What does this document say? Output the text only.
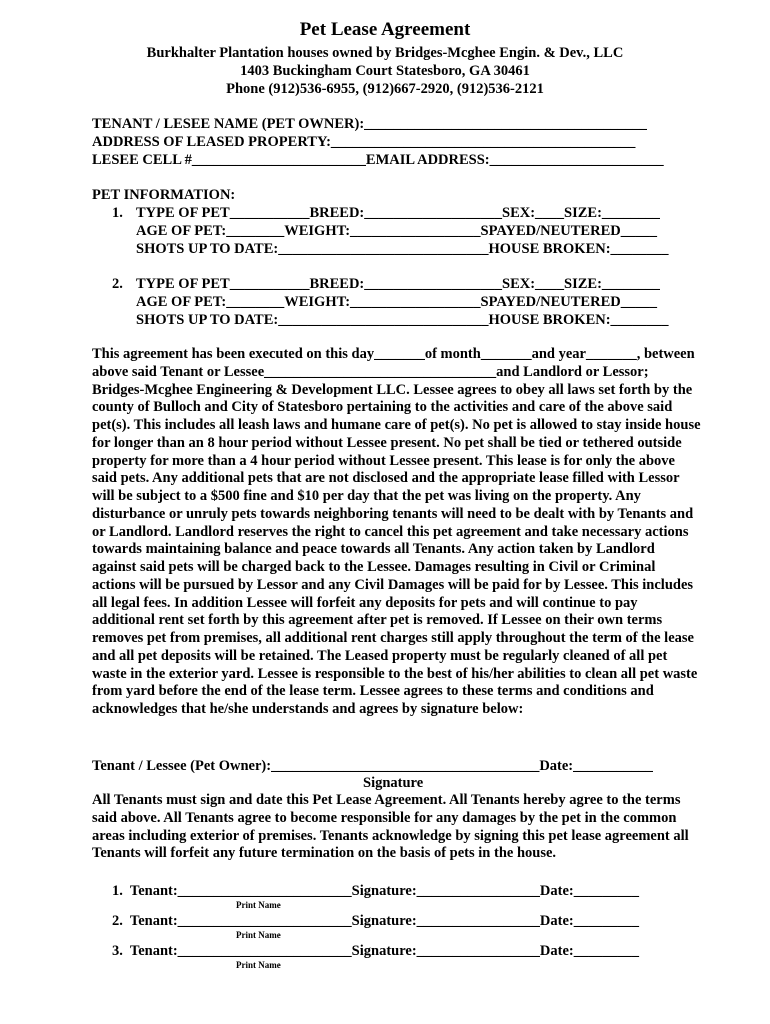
Pet Lease Agreement
Burkhalter Plantation houses owned by Bridges-Mcghee Engin. & Dev., LLC
1403 Buckingham Court Statesboro, GA 30461
Phone (912)536-6955, (912)667-2920, (912)536-2121
TENANT / LESEE NAME (PET OWNER):_______________________________________
ADDRESS OF LEASED PROPERTY:__________________________________________
LESEE CELL #________________________EMAIL ADDRESS:________________________
PET INFORMATION:
1. TYPE OF PET___________BREED:___________________SEX:____SIZE:________
AGE OF PET:________WEIGHT:__________________SPAYED/NEUTERED_____
SHOTS UP TO DATE:_____________________________HOUSE BROKEN:________
2. TYPE OF PET___________BREED:___________________SEX:____SIZE:________
AGE OF PET:________WEIGHT:__________________SPAYED/NEUTERED_____
SHOTS UP TO DATE:_____________________________HOUSE BROKEN:________
This agreement has been executed on this day_______of month_______and year_______, between above said Tenant or Lessee________________________________and Landlord or Lessor; Bridges-Mcghee Engineering & Development LLC. Lessee agrees to obey all laws set forth by the county of Bulloch and City of Statesboro pertaining to the activities and care of the above said pet(s). This includes all leash laws and humane care of pet(s). No pet is allowed to stay inside house for longer than an 8 hour period without Lessee present. No pet shall be tied or tethered outside property for more than a 4 hour period without Lessee present. This lease is for only the above said pets. Any additional pets that are not disclosed and the appropriate lease filled with Lessor will be subject to a $500 fine and $10 per day that the pet was living on the property. Any disturbance or unruly pets towards neighboring tenants will need to be dealt with by Tenants and or Landlord. Landlord reserves the right to cancel this pet agreement and take necessary actions towards maintaining balance and peace towards all Tenants. Any action taken by Landlord against said pets will be charged back to the Lessee. Damages resulting in Civil or Criminal actions will be pursued by Lessor and any Civil Damages will be paid for by Lessee. This includes all legal fees. In addition Lessee will forfeit any deposits for pets and will continue to pay additional rent set forth by this agreement after pet is removed. If Lessee on their own terms removes pet from premises, all additional rent charges still apply throughout the term of the lease and all pet deposits will be retained. The Leased property must be regularly cleaned of all pet waste in the exterior yard. Lessee is responsible to the best of his/her abilities to clean all pet waste from yard before the end of the lease term. Lessee agrees to these terms and conditions and acknowledges that he/she understands and agrees by signature below:
Tenant / Lessee (Pet Owner):_____________________________________Date:___________
Signature
All Tenants must sign and date this Pet Lease Agreement. All Tenants hereby agree to the terms said above. All Tenants agree to become responsible for any damages by the pet in the common areas including exterior of premises. Tenants acknowledge by signing this pet lease agreement all Tenants will forfeit any future termination on the basis of pets in the house.
1.  Tenant:________________________Signature:_________________Date:_________
Print Name
2.  Tenant:________________________Signature:_________________Date:_________
Print Name
3.  Tenant:________________________Signature:_________________Date:_________
Print Name
